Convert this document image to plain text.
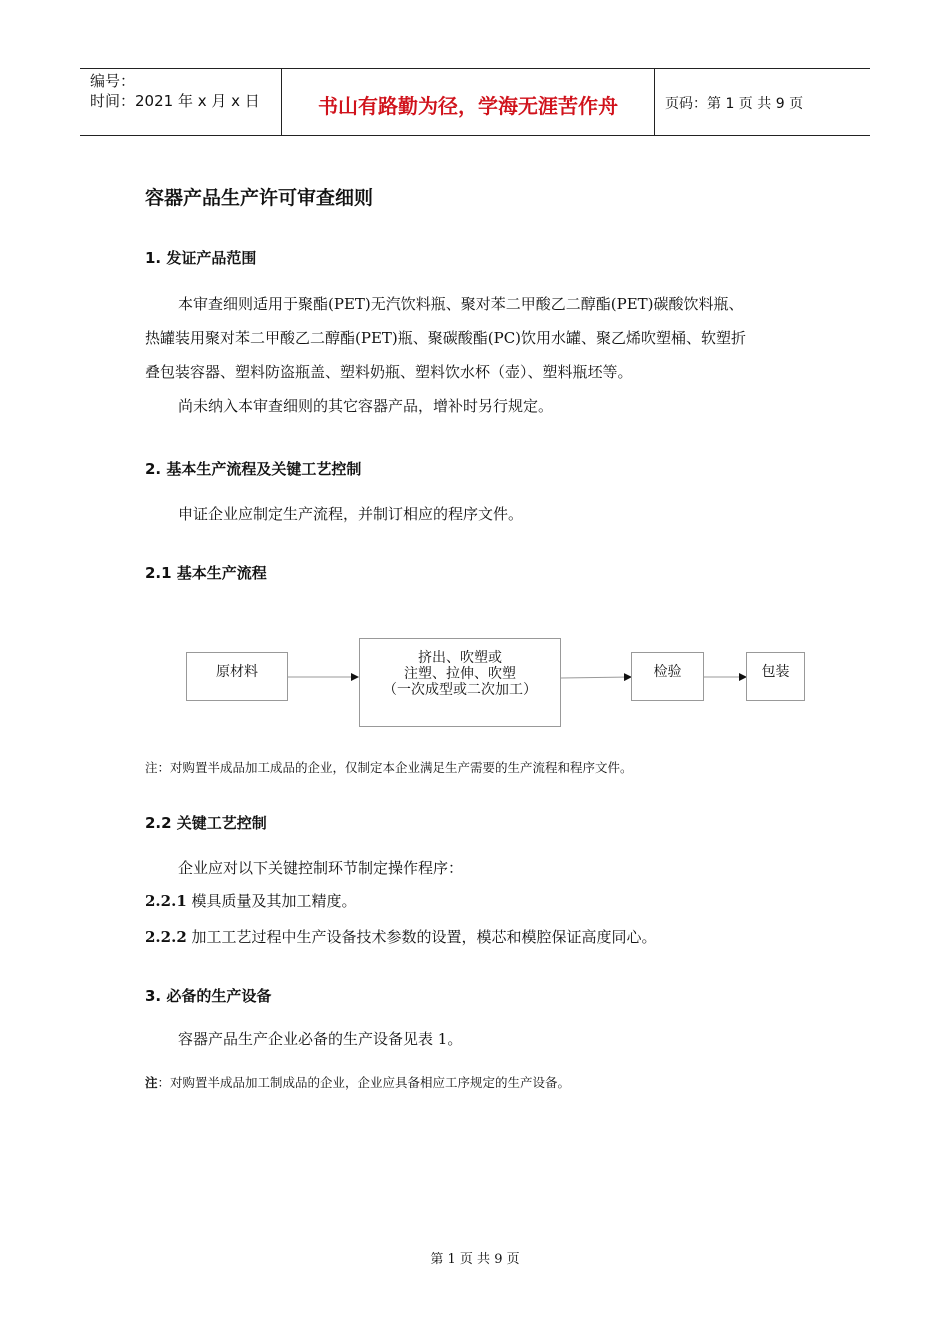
编号：
时间：2021 年 x 月 x 日	书山有路勤为径，学海无涯苦作舟	页码：第 1 页 共 9 页
容器产品生产许可审查细则
1. 发证产品范围
本审查细则适用于聚酯(PET)无汽饮料瓶、聚对苯二甲酸乙二醇酯(PET)碳酸饮料瓶、
热罐装用聚对苯二甲酸乙二醇酯(PET)瓶、聚碳酸酯(PC)饮用水罐、聚乙烯吹塑桶、软塑折
叠包装容器、塑料防盗瓶盖、塑料奶瓶、塑料饮水杯（壶）、塑料瓶坯等。
尚未纳入本审查细则的其它容器产品，增补时另行规定。
2. 基本生产流程及关键工艺控制
申证企业应制定生产流程，并制订相应的程序文件。
2.1 基本生产流程
原材料
挤出、吹塑或
注塑、拉伸、吹塑
（一次成型或二次加工）
检验	包装
注：对购置半成品加工成品的企业，仅制定本企业满足生产需要的生产流程和程序文件。
2.2 关键工艺控制
企业应对以下关键控制环节制定操作程序：
2.2.1 模具质量及其加工精度。
2.2.2 加工工艺过程中生产设备技术参数的设置，模芯和模腔保证高度同心。
3. 必备的生产设备
容器产品生产企业必备的生产设备见表 1。
注：对购置半成品加工制成品的企业，企业应具备相应工序规定的生产设备。
第 1 页 共 9 页
